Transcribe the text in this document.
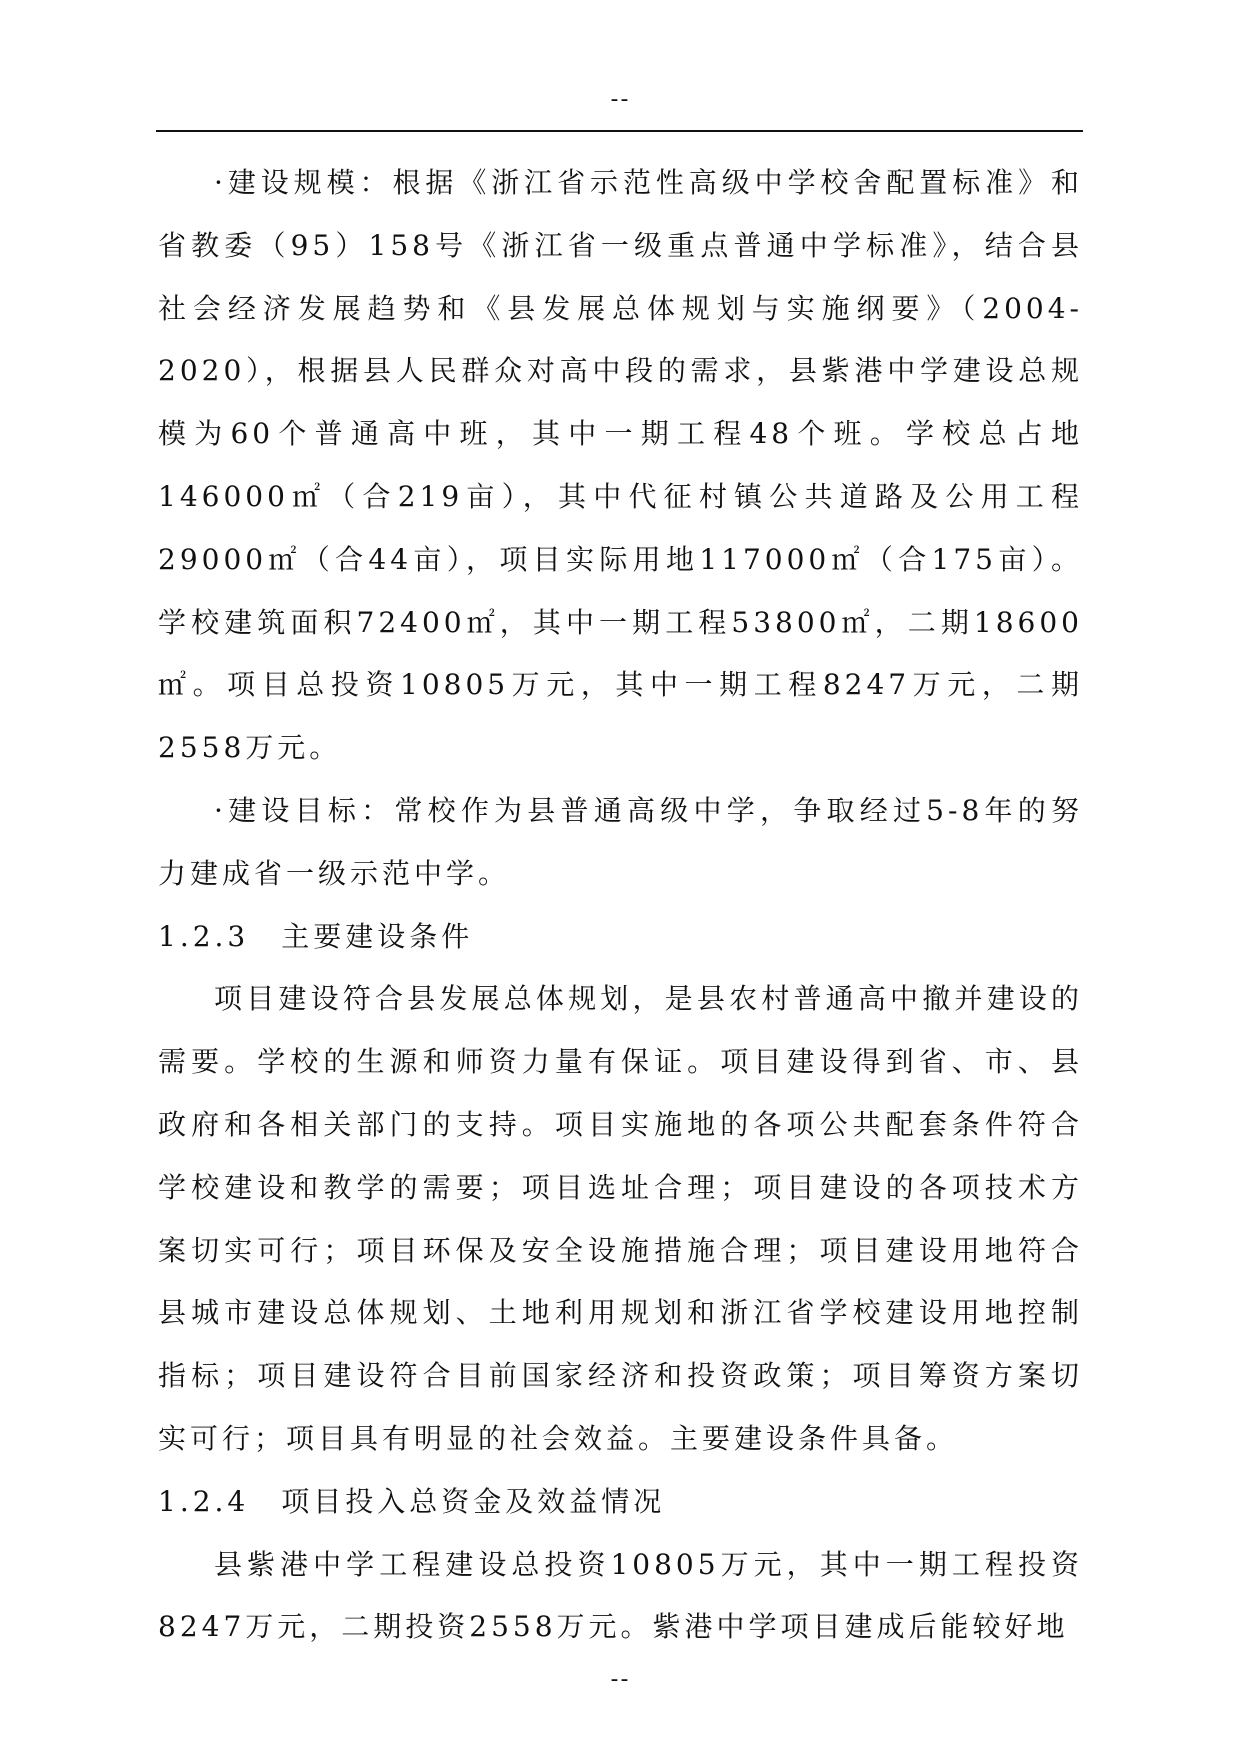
--

·建设规模：根据《浙江省示范性高级中学校舍配置标准》和省教委（95）158号《浙江省一级重点普通中学标准》，结合县社会经济发展趋势和《县发展总体规划与实施纲要》（2004-2020），根据县人民群众对高中段的需求，县紫港中学建设总规模为60个普通高中班，其中一期工程48个班。学校总占地146000㎡（合219亩），其中代征村镇公共道路及公用工程29000㎡（合44亩），项目实际用地117000㎡（合175亩）。学校建筑面积72400㎡，其中一期工程53800㎡，二期18600㎡。项目总投资10805万元，其中一期工程8247万元，二期2558万元。

·建设目标：常校作为县普通高级中学，争取经过5-8年的努力建成省一级示范中学。

1.2.3　主要建设条件

项目建设符合县发展总体规划，是县农村普通高中撤并建设的需要。学校的生源和师资力量有保证。项目建设得到省、市、县政府和各相关部门的支持。项目实施地的各项公共配套条件符合学校建设和教学的需要；项目选址合理；项目建设的各项技术方案切实可行；项目环保及安全设施措施合理；项目建设用地符合县城市建设总体规划、土地利用规划和浙江省学校建设用地控制指标；项目建设符合目前国家经济和投资政策；项目筹资方案切实可行；项目具有明显的社会效益。主要建设条件具备。

1.2.4　项目投入总资金及效益情况

县紫港中学工程建设总投资10805万元，其中一期工程投资8247万元，二期投资2558万元。紫港中学项目建成后能较好地

--
